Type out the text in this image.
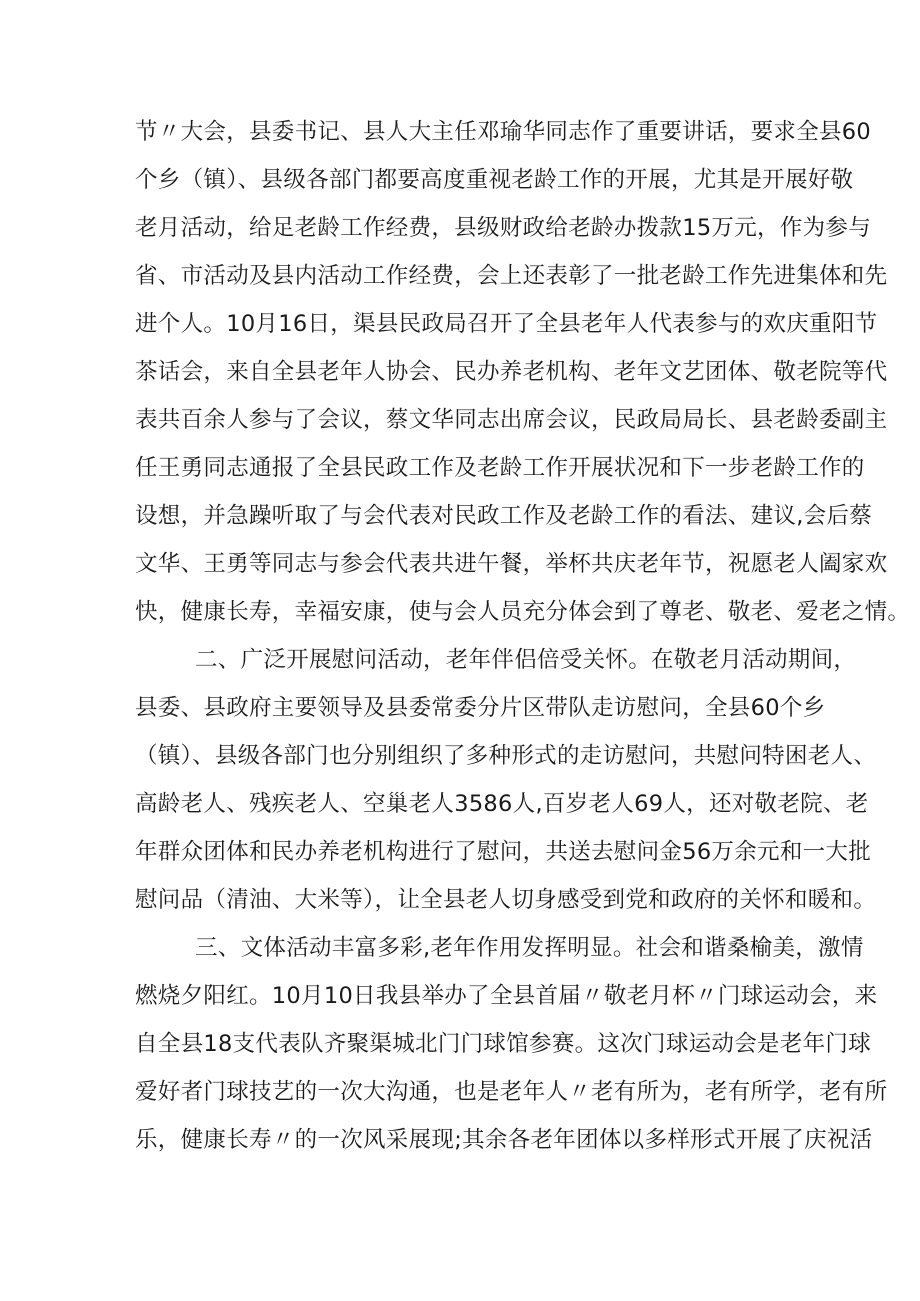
节〃大会，县委书记、县人大主任邓瑜华同志作了重要讲话，要求全县60
个乡（镇）、县级各部门都要高度重视老龄工作的开展，尤其是开展好敬
老月活动，给足老龄工作经费，县级财政给老龄办拨款15万元，作为参与
省、市活动及县内活动工作经费，会上还表彰了一批老龄工作先进集体和先
进个人。10月16日，渠县民政局召开了全县老年人代表参与的欢庆重阳节
茶话会，来自全县老年人协会、民办养老机构、老年文艺团体、敬老院等代
表共百余人参与了会议，蔡文华同志出席会议，民政局局长、县老龄委副主
任王勇同志通报了全县民政工作及老龄工作开展状况和下一步老龄工作的
设想，并急躁听取了与会代表对民政工作及老龄工作的看法、建议,会后蔡
文华、王勇等同志与参会代表共进午餐，举杯共庆老年节，祝愿老人阖家欢
快，健康长寿，幸福安康，使与会人员充分体会到了尊老、敬老、爱老之情。
二、广泛开展慰问活动，老年伴侣倍受关怀。在敬老月活动期间，
县委、县政府主要领导及县委常委分片区带队走访慰问，全县60个乡
（镇）、县级各部门也分别组织了多种形式的走访慰问，共慰问特困老人、
高龄老人、残疾老人、空巢老人3586人,百岁老人69人，还对敬老院、老
年群众团体和民办养老机构进行了慰问，共送去慰问金56万余元和一大批
慰问品（清油、大米等），让全县老人切身感受到党和政府的关怀和暖和。
三、文体活动丰富多彩,老年作用发挥明显。社会和谐桑榆美，激情
燃烧夕阳红。10月10日我县举办了全县首届〃敬老月杯〃门球运动会，来
自全县18支代表队齐聚渠城北门门球馆参赛。这次门球运动会是老年门球
爱好者门球技艺的一次大沟通，也是老年人〃老有所为，老有所学，老有所
乐，健康长寿〃的一次风采展现;其余各老年团体以多样形式开展了庆祝活
